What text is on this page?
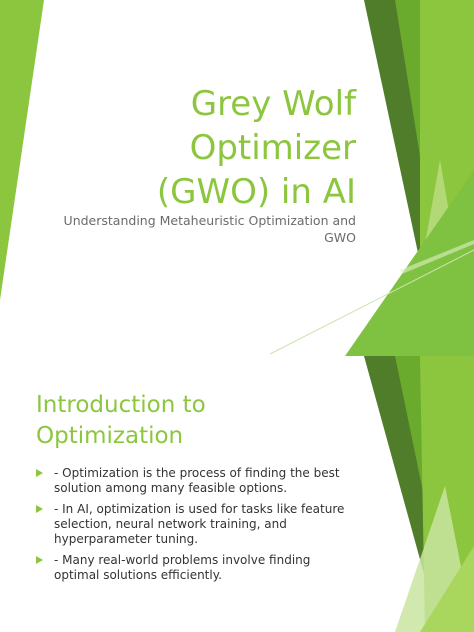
Grey Wolf
Optimizer
(GWO) in AI

Understanding Metaheuristic Optimization and GWO

Introduction to
Optimization
- Optimization is the process of finding the best solution among many feasible options.
- In AI, optimization is used for tasks like feature selection, neural network training, and hyperparameter tuning.
- Many real-world problems involve finding optimal solutions efficiently.
